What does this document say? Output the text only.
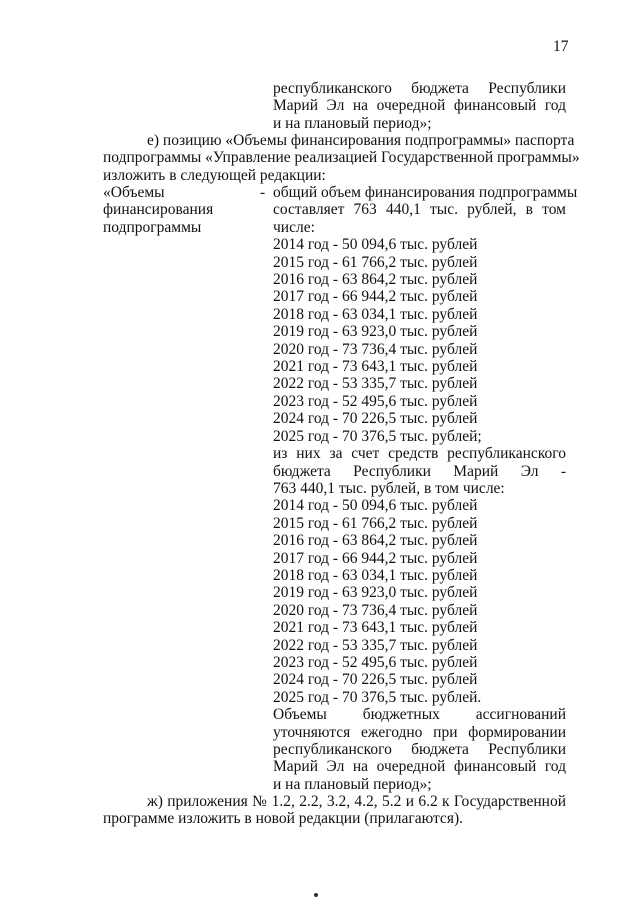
17
республиканского бюджета Республики
Марий Эл на очередной финансовый год
и на плановый период»;
е) позицию «Объемы финансирования подпрограммы» паспорта
подпрограммы «Управление реализацией Государственной программы»
изложить в следующей редакции:
«Объемы
финансирования
подпрограммы
- общий объем финансирования подпрограммы
составляет 763 440,1 тыс. рублей, в том
числе:
2014 год - 50 094,6 тыс. рублей
2015 год - 61 766,2 тыс. рублей
2016 год - 63 864,2 тыс. рублей
2017 год - 66 944,2 тыс. рублей
2018 год - 63 034,1 тыс. рублей
2019 год - 63 923,0 тыс. рублей
2020 год - 73 736,4 тыс. рублей
2021 год - 73 643,1 тыс. рублей
2022 год - 53 335,7 тыс. рублей
2023 год - 52 495,6 тыс. рублей
2024 год - 70 226,5 тыс. рублей
2025 год - 70 376,5 тыс. рублей;
из них за счет средств республиканского
бюджета Республики Марий Эл -
763 440,1 тыс. рублей, в том числе:
2014 год - 50 094,6 тыс. рублей
2015 год - 61 766,2 тыс. рублей
2016 год - 63 864,2 тыс. рублей
2017 год - 66 944,2 тыс. рублей
2018 год - 63 034,1 тыс. рублей
2019 год - 63 923,0 тыс. рублей
2020 год - 73 736,4 тыс. рублей
2021 год - 73 643,1 тыс. рублей
2022 год - 53 335,7 тыс. рублей
2023 год - 52 495,6 тыс. рублей
2024 год - 70 226,5 тыс. рублей
2025 год - 70 376,5 тыс. рублей.
Объемы бюджетных ассигнований
уточняются ежегодно при формировании
республиканского бюджета Республики
Марий Эл на очередной финансовый год
и на плановый период»;
ж) приложения № 1.2, 2.2, 3.2, 4.2, 5.2 и 6.2 к Государственной
программе изложить в новой редакции (прилагаются).
